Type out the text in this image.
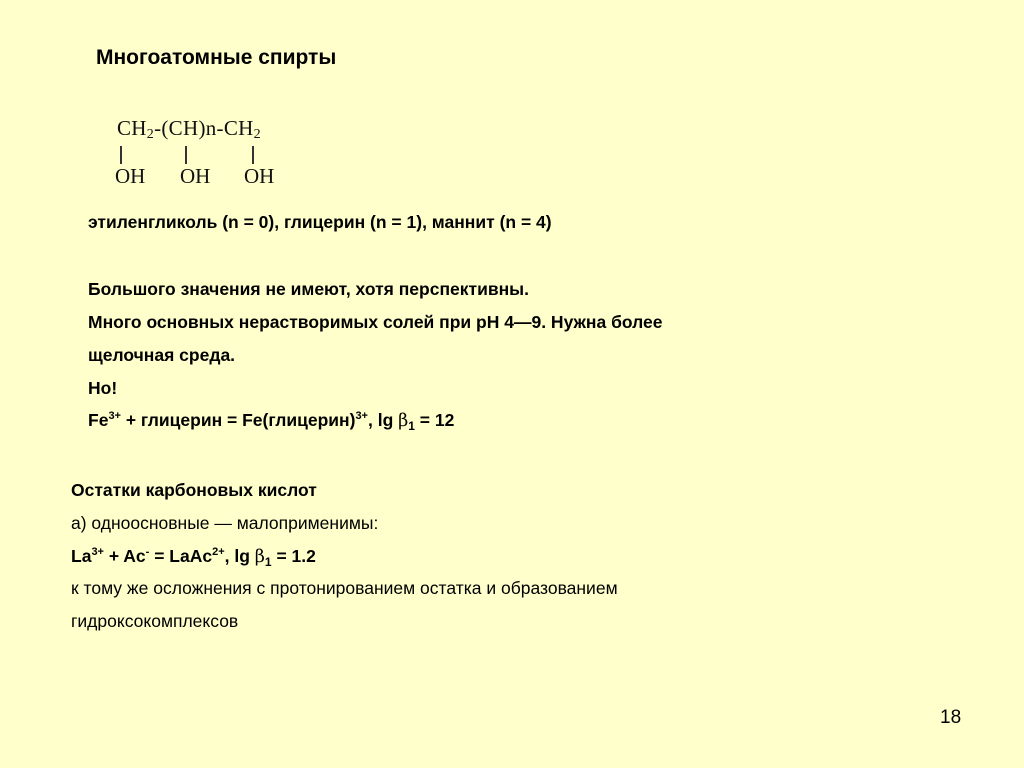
Многоатомные спирты
$CH_2-(CH)n-CH_2$
OH OH OH
этиленгликоль (n = 0), глицерин (n = 1), маннит (n = 4)
Большого значения не имеют, хотя перспективны.
Много основных нерастворимых солей при рН 4—9. Нужна более
щелочная среда.
Но!
$Fe^{3+}$ + глицерин = Fe(глицерин)$^{3+}$, $\lg \beta_1 = 12$
Остатки карбоновых кислот
а) одноосновные — малоприменимы:
$La^{3+} + Ac^-$ = LaAc$^{2+}$, $\lg \beta_1 = 1.2$
к тому же осложнения с протонированием остатка и образованием
гидроксокомплексов
18
